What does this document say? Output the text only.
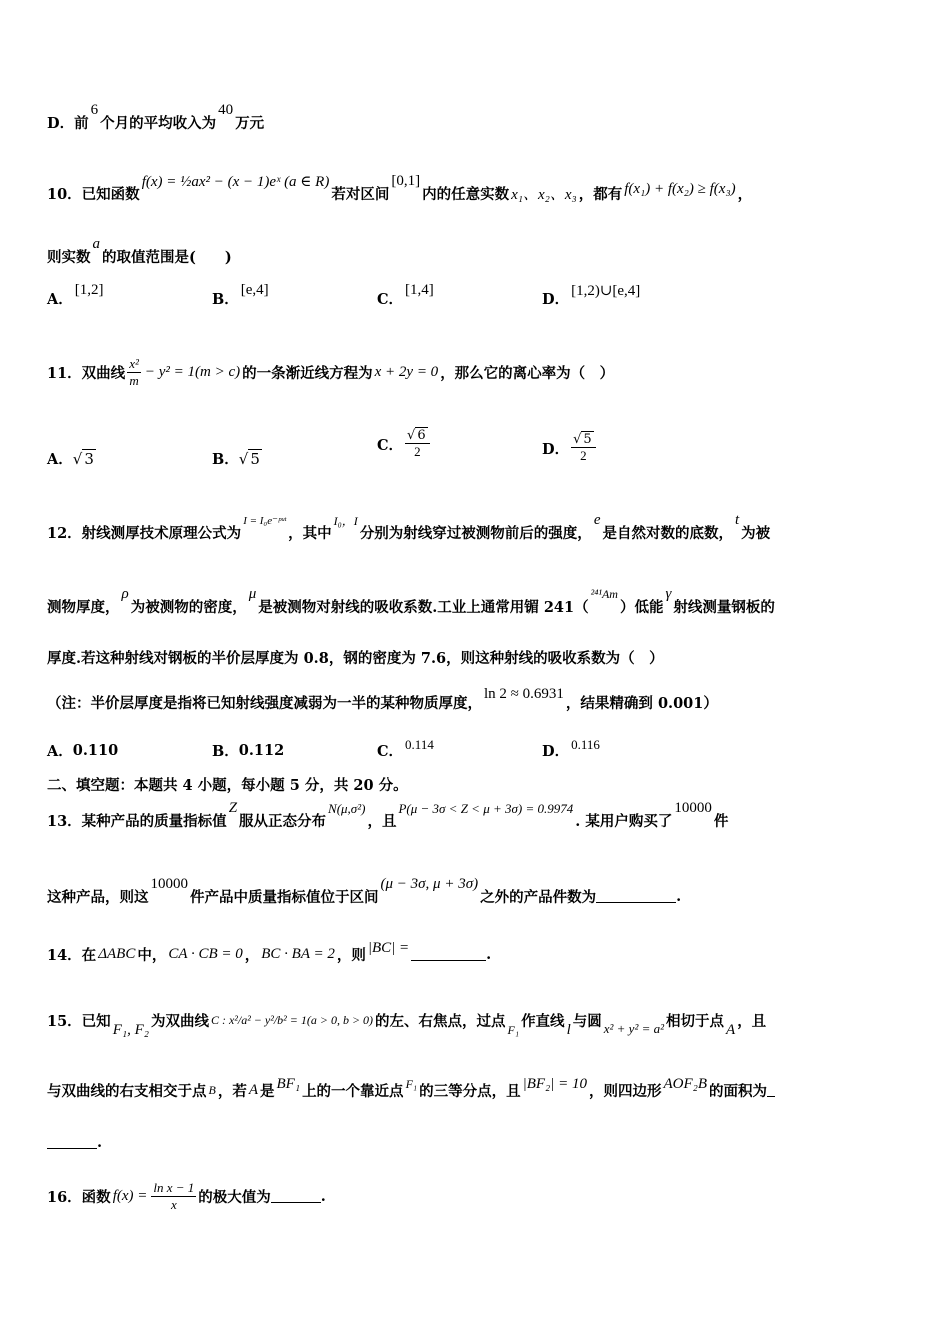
D．前
6
个月的平均收入为
40
万元
10．已知函数
f(x) = ½ax² − (x − 1)eˣ (a ∈ R)
若对区间
[0,1]
内的任意实数 x₁、x₂、x₃ ，都有 f(x₁) + f(x₂) ≥ f(x₃) ，
则实数
a
的取值范围是(　　)
A．
[1,2]
B．
[e,4]
C．
[1,4]
D． [1,2)∪[e,4]
11．双曲线 $\frac{\text{x²}}{m} - y^2 = 1(m > c)$ 的一条渐近线方程为 x + 2y = 0 ，那么它的离心率为（　）
A． √ 3	B． √ 5
C． $\frac{√ 6}{2}$	D． $\frac{√ 5}{2}$
12．射线测厚技术原理公式为
I = I₀e⁻ᵖᵘᵗ
，其中
I₀，I
分别为射线穿过被测物前后的强度，
e
是自然对数的底数，
t
为被
测物厚度，
ρ
为被测物的密度，
μ
是被测物对射线的吸收系数.工业上通常用镅 241（
²⁴¹Am
）低能
γ
射线测量钢板的
厚度.若这种射线对钢板的半价层厚度为 0.8，钢的密度为 7.6，则这种射线的吸收系数为（　）
（注：半价层厚度是指将已知射线强度减弱为一半的某种物质厚度，
ln 2 ≈ 0.6931
，结果精确到 0.001）
A． 0.110	B． 0.112	C． 0.114	D． 0.116
二、填空题：本题共 4 小题，每小题 5 分，共 20 分。
13．某种产品的质量指标值
Z
服从正态分布
N(μ,σ²)
，且
P(μ − 3σ < Z < μ + 3σ) = 0.9974
. 某用户购买了
10000
件
这种产品，则这
10000
件产品中质量指标值位于区间
(μ − 3σ, μ + 3σ)
之外的产品件数为	.
14．在 ΔABC 中， CA · CB = 0 ， BC · BA = 2 ，则 |BC| =	.
15．已知 F₁, F₂ 为双曲线 C : x²/a² − y²/b² = 1(a > 0, b > 0) 的左、右焦点，过点 F₁ 作直线 l 与圆 x² + y² = a² 相切于点 A ，且
与双曲线的右支相交于点 B ，若 A 是 BF₁ 上的一个靠近点 F₁ 的三等分点，且 |BF₂| = 10 ，则四边形 AOF₂B 的面积为
.
16．函数 $f(x) = \frac{\text{ln x − 1}}{x}$ 的极大值为	.
